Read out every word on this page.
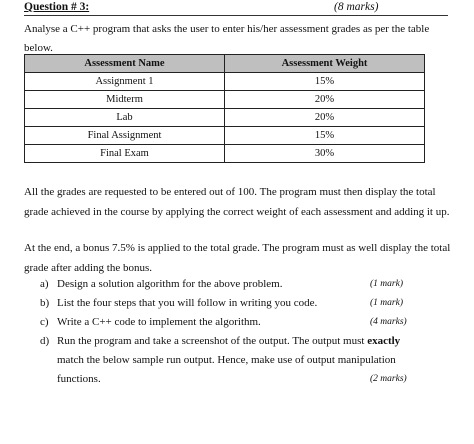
Question # 3:	(8 marks)
Analyse a C++ program that asks the user to enter his/her assessment grades as per the table below.
Assessment Name	Assessment Weight
Assignment 1	15%
Midterm	20%
Lab	20%
Final Assignment	15%
Final Exam	30%
All the grades are requested to be entered out of 100. The program must then display the total grade achieved in the course by applying the correct weight of each assessment and adding it up.
At the end, a bonus 7.5% is applied to the total grade. The program must as well display the total grade after adding the bonus.
a) Design a solution algorithm for the above problem.	(1 mark)
b) List the four steps that you will follow in writing you code.	(1 mark)
c) Write a C++ code to implement the algorithm.	(4 marks)
d) Run the program and take a screenshot of the output. The output must exactly match the below sample run output. Hence, make use of output manipulation functions.	(2 marks)
